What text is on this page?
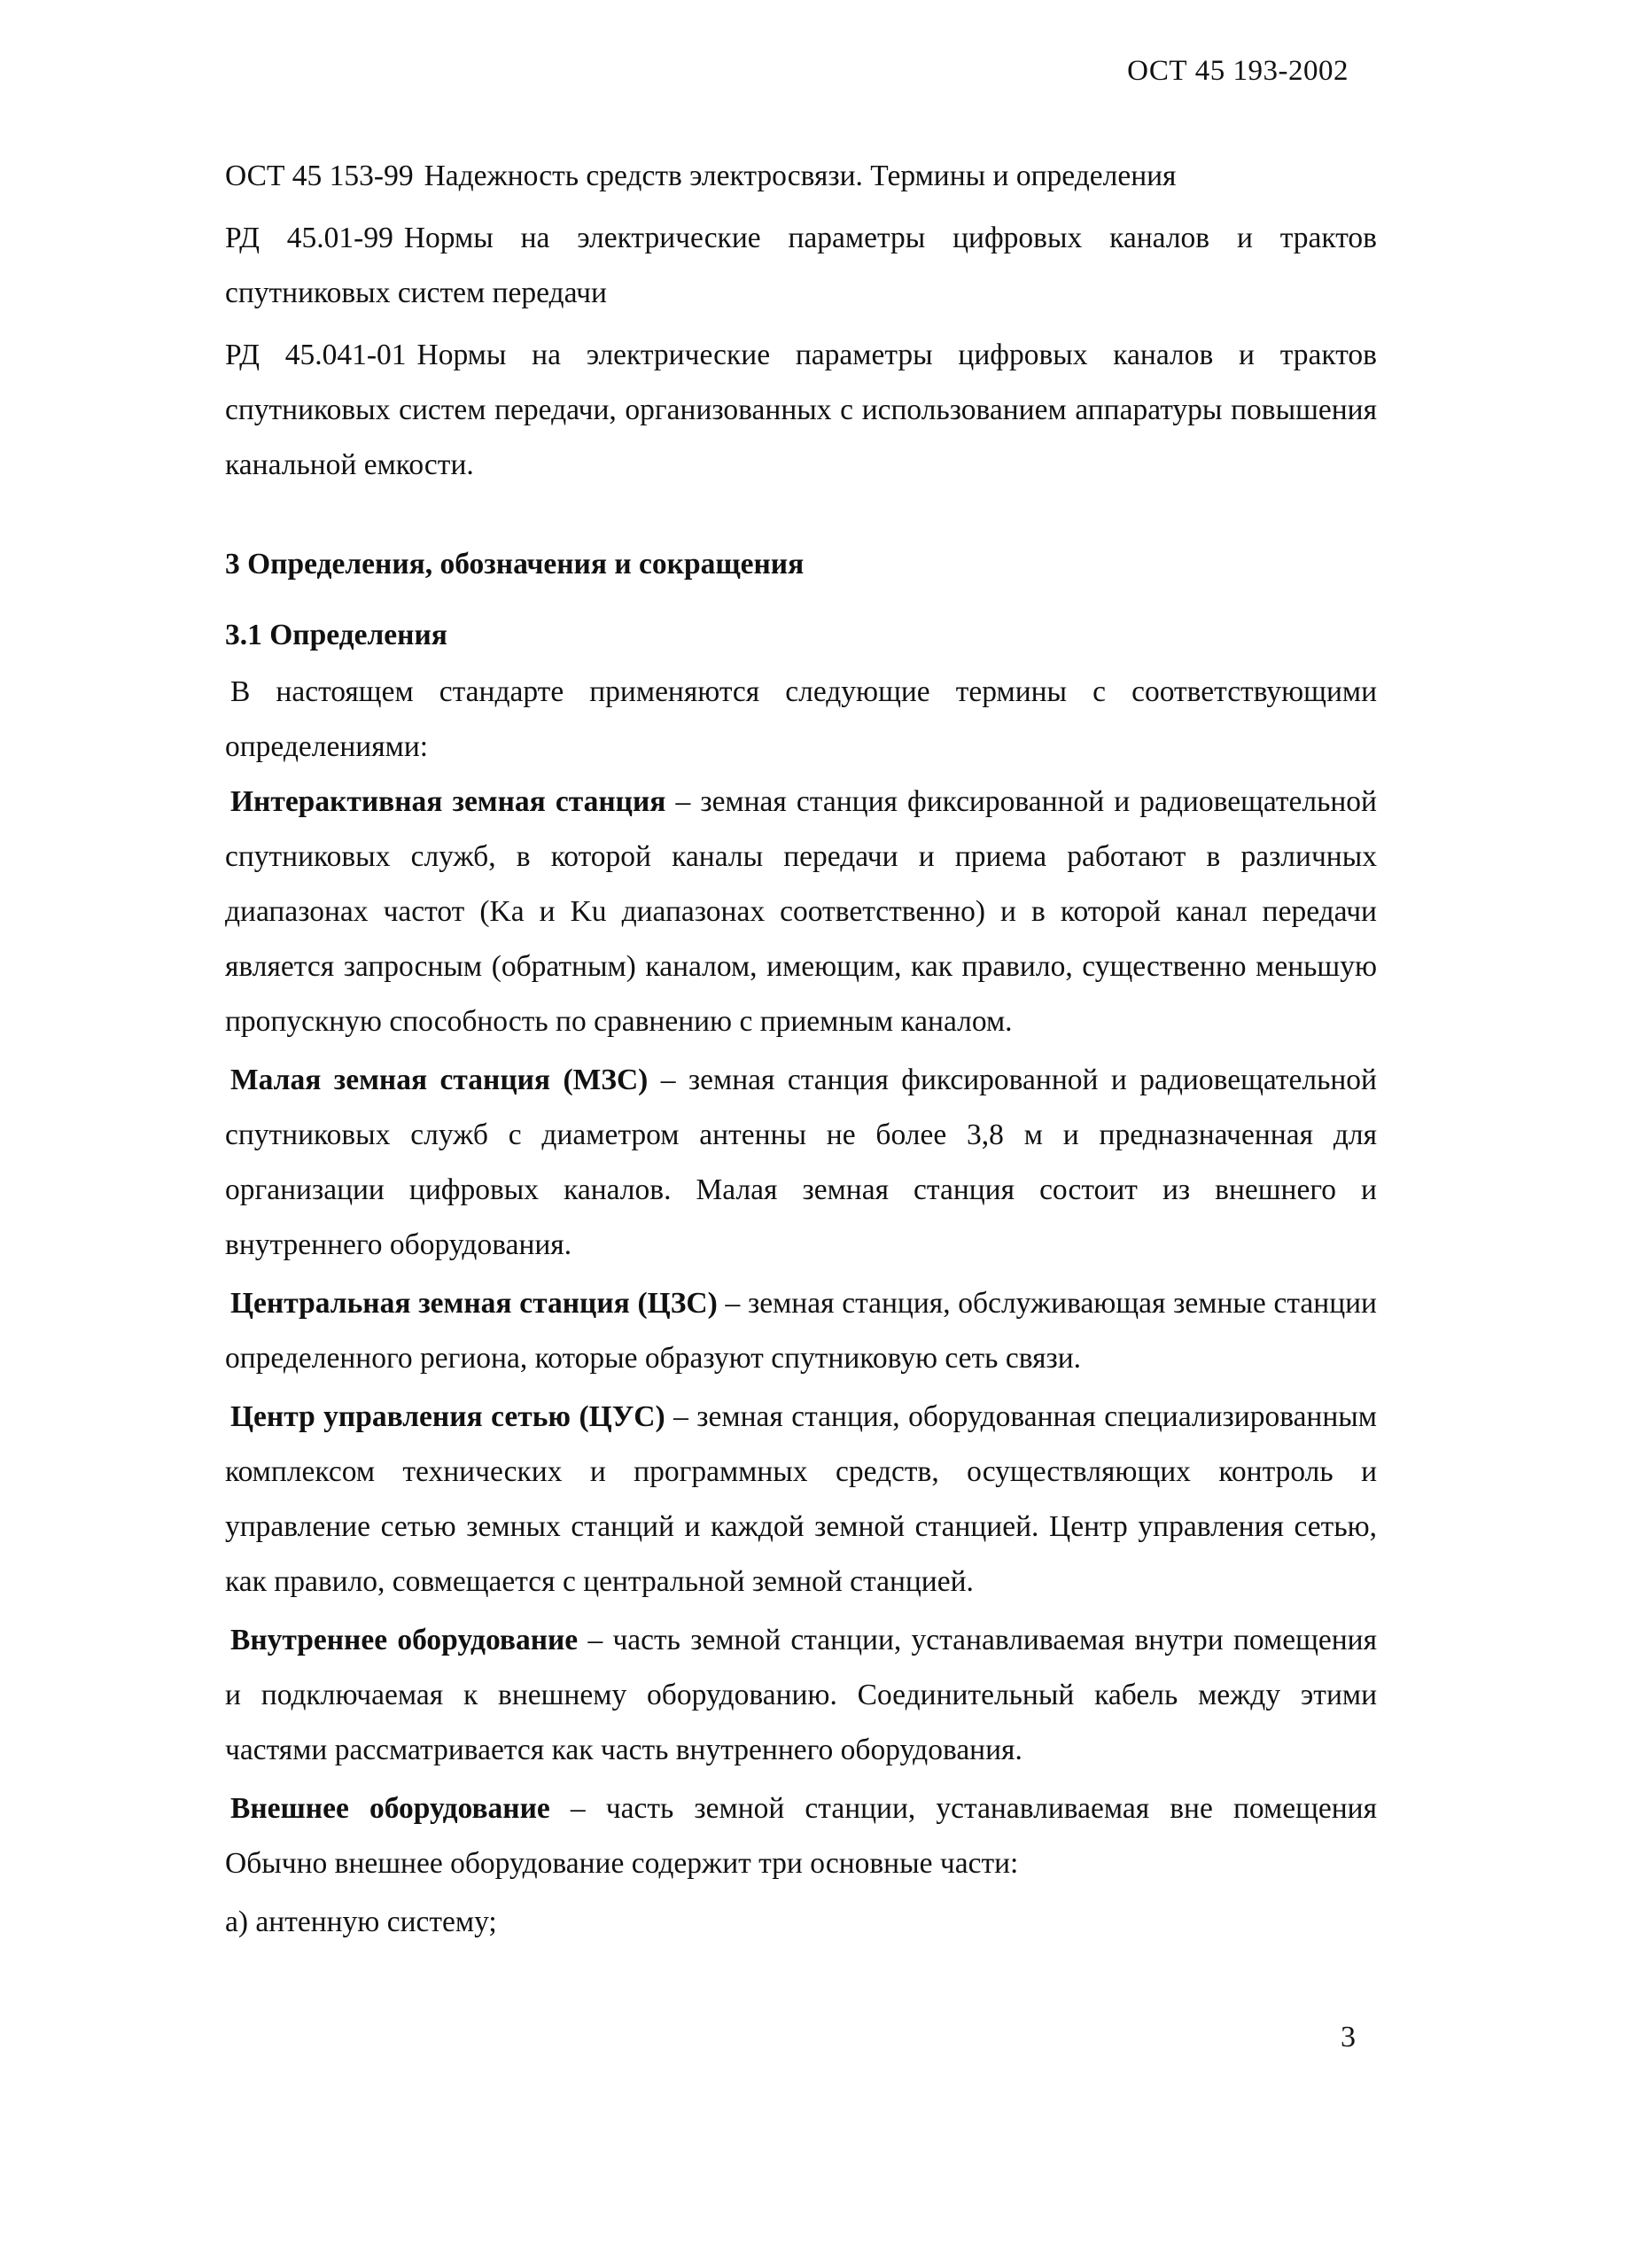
ОСТ 45 193-2002
ОСТ 45 153-99 Надежность средств электросвязи. Термины и определения
РД 45.01-99 Нормы на электрические параметры цифровых каналов и трактов спутниковых систем передачи
РД 45.041-01 Нормы на электрические параметры цифровых каналов и трактов спутниковых систем передачи, организованных с использованием аппаратуры повышения канальной емкости.
3 Определения, обозначения и сокращения
3.1 Определения

В настоящем стандарте применяются следующие термины с соответствующими определениями:

Интерактивная земная станция – земная станция фиксированной и радиовещательной спутниковых служб, в которой каналы передачи и приема работают в различных диапазонах частот (Ka и Ku диапазонах соответственно) и в которой канал передачи является запросным (обратным) каналом, имеющим, как правило, существенно меньшую пропускную способность по сравнению с приемным каналом.

Малая земная станция (МЗС) – земная станция фиксированной и радиовещательной спутниковых служб с диаметром антенны не более 3,8 м и предназначенная для организации цифровых каналов. Малая земная станция состоит из внешнего и внутреннего оборудования.

Центральная земная станция (ЦЗС) – земная станция, обслуживающая земные станции определенного региона, которые образуют спутниковую сеть связи.

Центр управления сетью (ЦУС) – земная станция, оборудованная специализированным комплексом технических и программных средств, осуществляющих контроль и управление сетью земных станций и каждой земной станцией. Центр управления сетью, как правило, совмещается с центральной земной станцией.

Внутреннее оборудование – часть земной станции, устанавливаемая внутри помещения и подключаемая к внешнему оборудованию. Соединительный кабель между этими частями рассматривается как часть внутреннего оборудования.

Внешнее оборудование – часть земной станции, устанавливаемая вне помещения Обычно внешнее оборудование содержит три основные части:

а) антенную систему;

3
